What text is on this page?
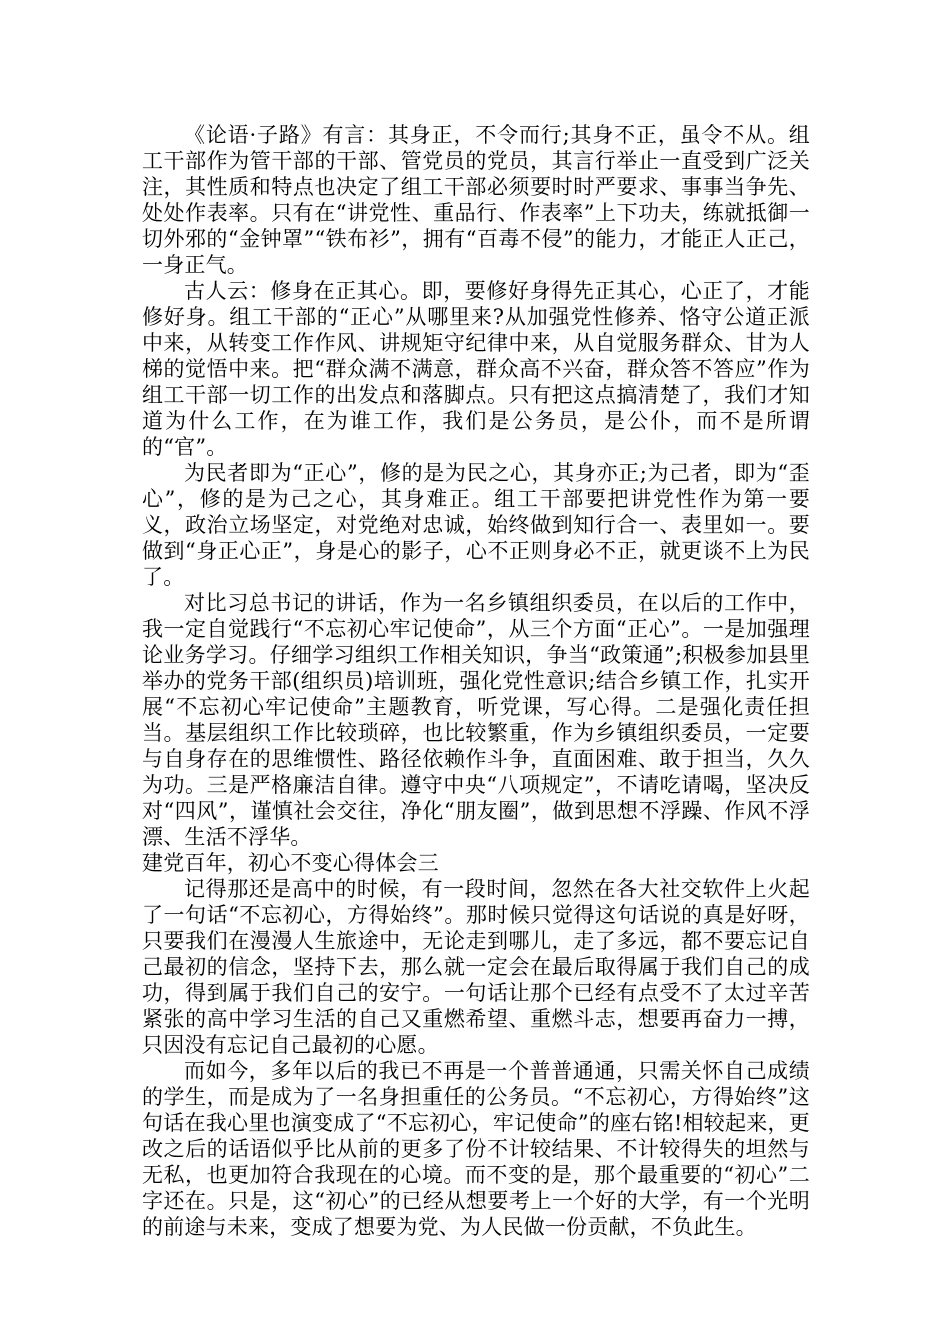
《论语·子路》有言：其身正，不令而行;其身不正，虽令不从。组工干部作为管干部的干部、管党员的党员，其言行举止一直受到广泛关注，其性质和特点也决定了组工干部必须要时时严要求、事事当争先、处处作表率。只有在“讲党性、重品行、作表率”上下功夫，练就抵御一切外邪的“金钟罩”“铁布衫”，拥有“百毒不侵”的能力，才能正人正己，一身正气。

古人云：修身在正其心。即，要修好身得先正其心，心正了，才能修好身。组工干部的“正心”从哪里来?从加强党性修养、恪守公道正派中来，从转变工作作风、讲规矩守纪律中来，从自觉服务群众、甘为人梯的觉悟中来。把“群众满不满意，群众高不兴奋，群众答不答应”作为组工干部一切工作的出发点和落脚点。只有把这点搞清楚了，我们才知道为什么工作，在为谁工作，我们是公务员，是公仆，而不是所谓的“官”。

为民者即为“正心”，修的是为民之心，其身亦正;为己者，即为“歪心”，修的是为己之心，其身难正。组工干部要把讲党性作为第一要义，政治立场坚定，对党绝对忠诚，始终做到知行合一、表里如一。要做到“身正心正”，身是心的影子，心不正则身必不正，就更谈不上为民了。

对比习总书记的讲话，作为一名乡镇组织委员，在以后的工作中，我一定自觉践行“不忘初心牢记使命”，从三个方面“正心”。一是加强理论业务学习。仔细学习组织工作相关知识，争当“政策通”;积极参加县里举办的党务干部(组织员)培训班，强化党性意识;结合乡镇工作，扎实开展“不忘初心牢记使命”主题教育，听党课，写心得。二是强化责任担当。基层组织工作比较琐碎，也比较繁重，作为乡镇组织委员，一定要与自身存在的思维惯性、路径依赖作斗争，直面困难、敢于担当，久久为功。三是严格廉洁自律。遵守中央“八项规定”，不请吃请喝，坚决反对“四风”，谨慎社会交往，净化“朋友圈”，做到思想不浮躁、作风不浮漂、生活不浮华。

建党百年，初心不变心得体会三

记得那还是高中的时候，有一段时间，忽然在各大社交软件上火起了一句话“不忘初心，方得始终”。那时候只觉得这句话说的真是好呀，只要我们在漫漫人生旅途中，无论走到哪儿，走了多远，都不要忘记自己最初的信念，坚持下去，那么就一定会在最后取得属于我们自己的成功，得到属于我们自己的安宁。一句话让那个已经有点受不了太过辛苦紧张的高中学习生活的自己又重燃希望、重燃斗志，想要再奋力一搏，只因没有忘记自己最初的心愿。

而如今，多年以后的我已不再是一个普普通通，只需关怀自己成绩的学生，而是成为了一名身担重任的公务员。“不忘初心，方得始终”这句话在我心里也演变成了“不忘初心，牢记使命”的座右铭!相较起来，更改之后的话语似乎比从前的更多了份不计较结果、不计较得失的坦然与无私，也更加符合我现在的心境。而不变的是，那个最重要的“初心”二字还在。只是，这“初心”的已经从想要考上一个好的大学，有一个光明的前途与未来，变成了想要为党、为人民做一份贡献，不负此生。
